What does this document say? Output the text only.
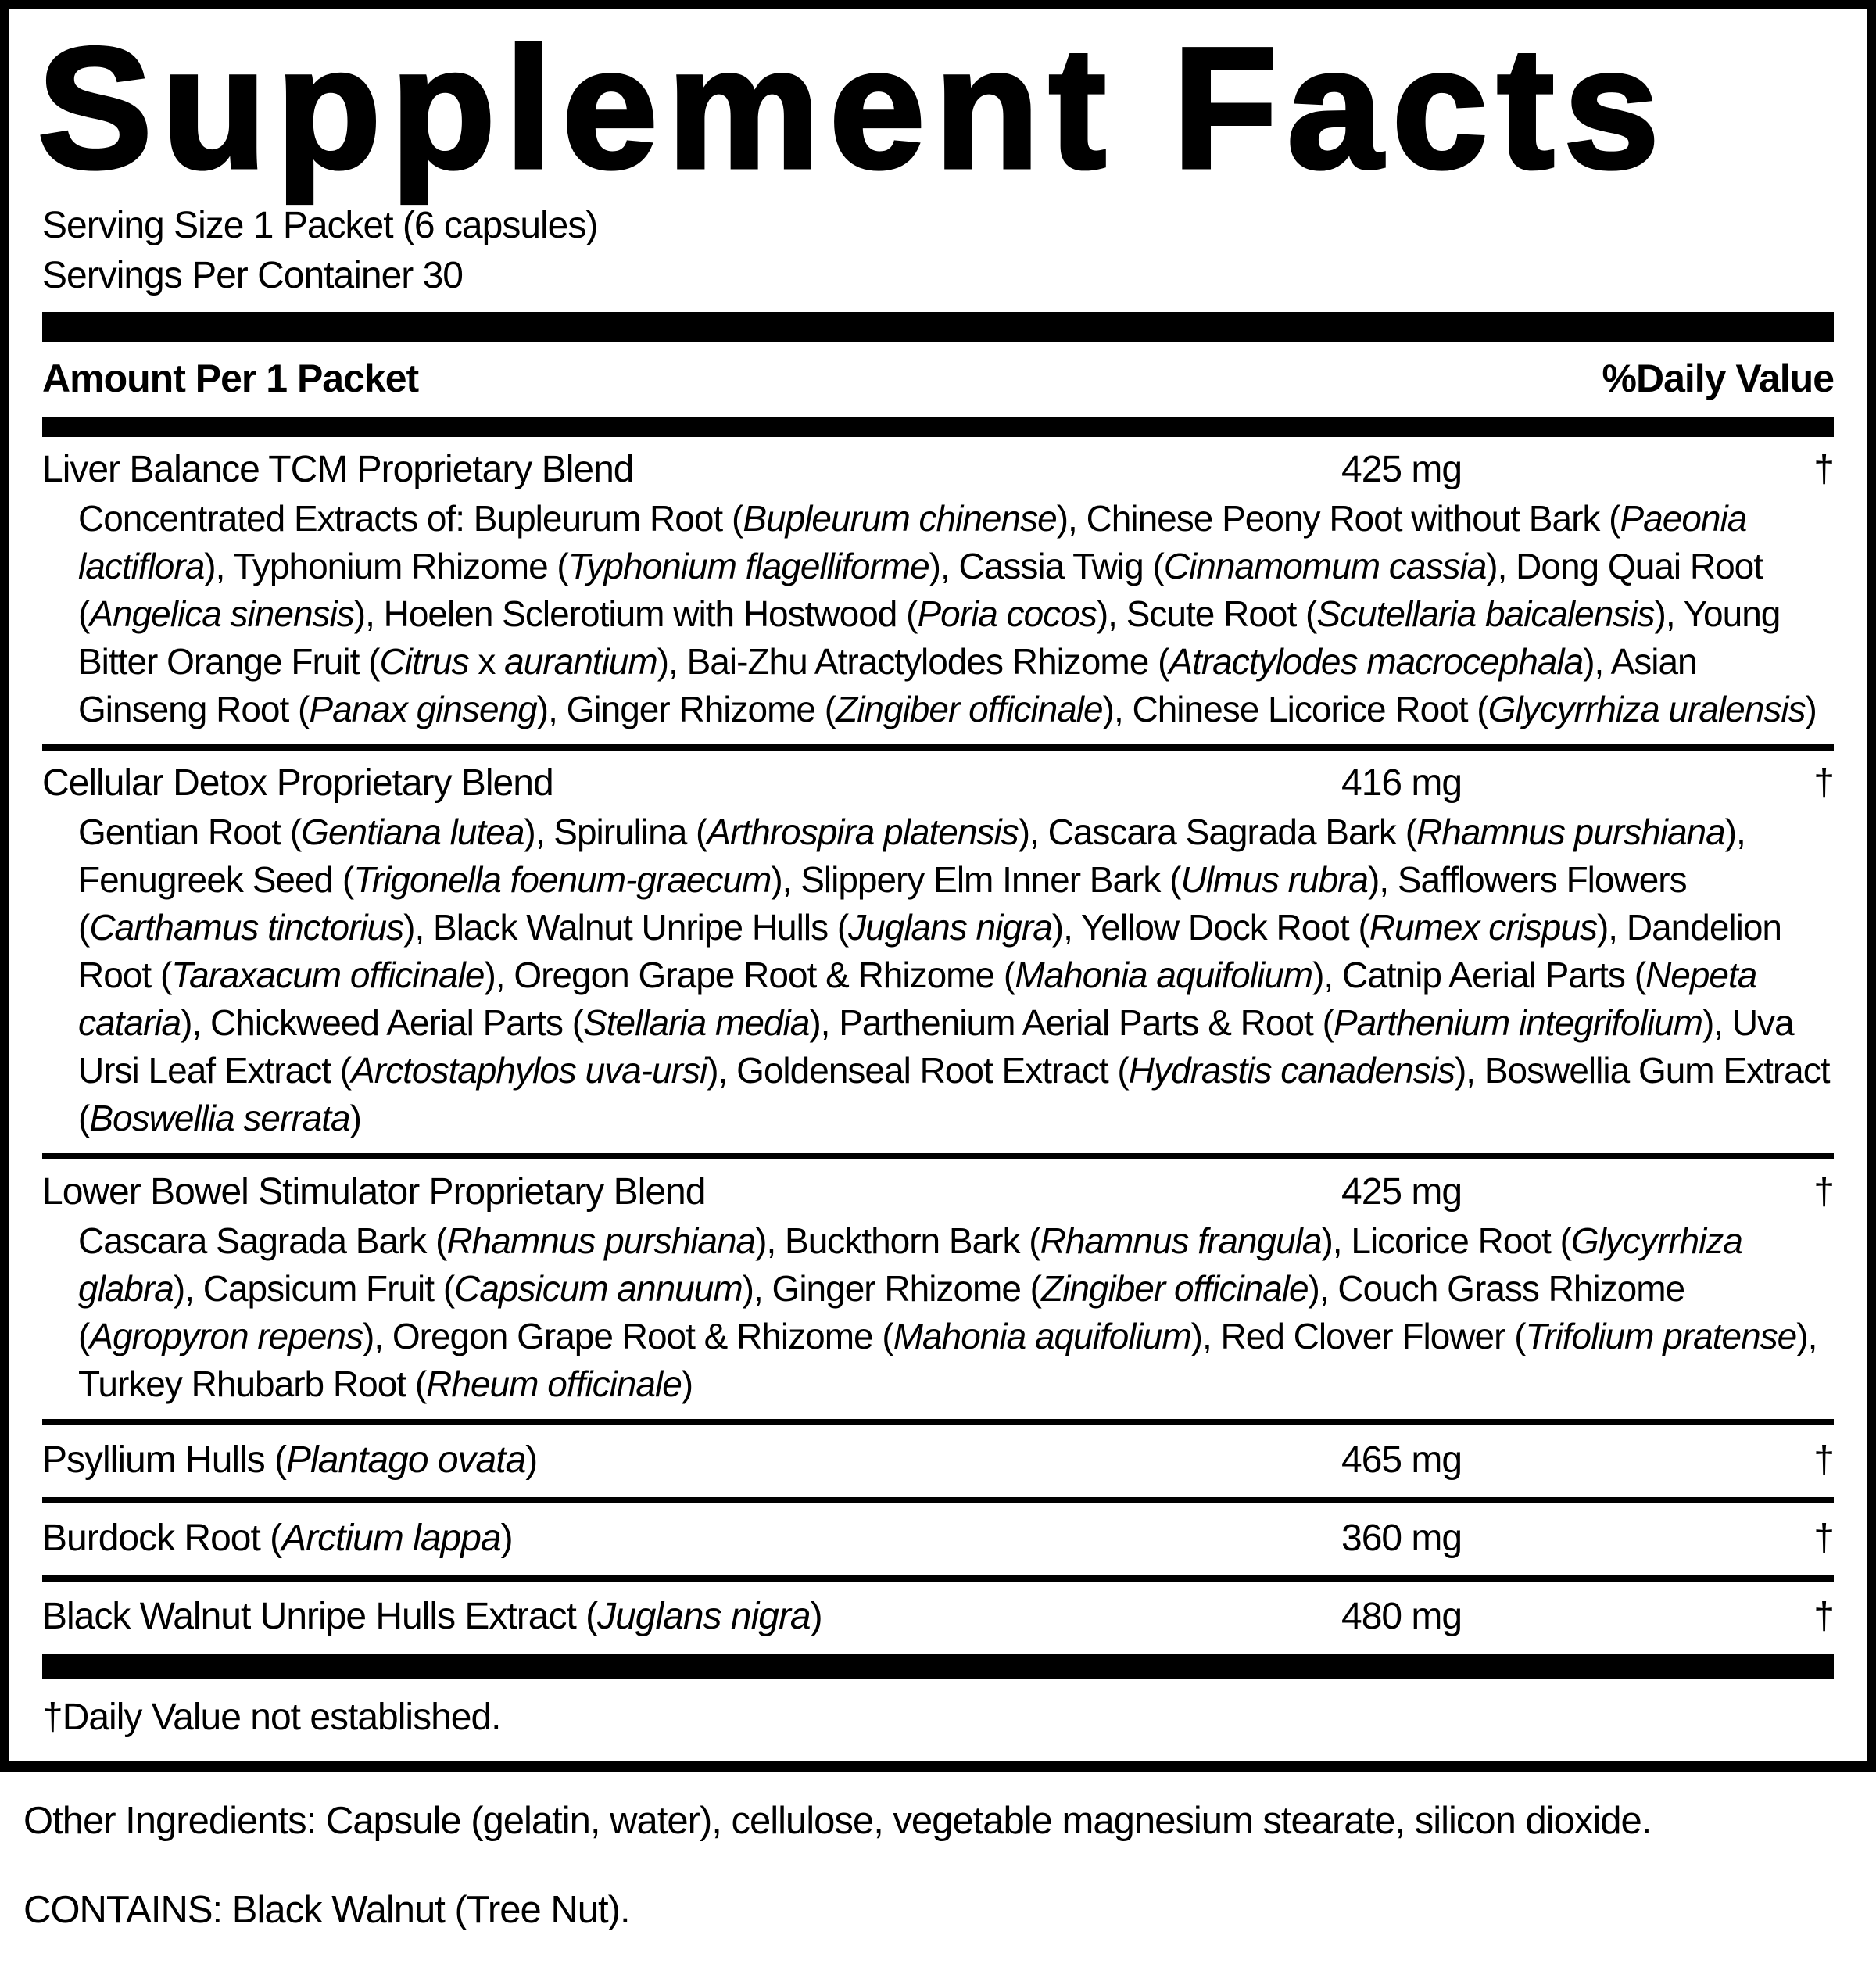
Supplement Facts
Serving Size 1 Packet (6 capsules)
Servings Per Container 30
Amount Per 1 Packet	%Daily Value
Liver Balance TCM Proprietary Blend	425 mg	†
Concentrated Extracts of: Bupleurum Root (Bupleurum chinense), Chinese Peony Root without Bark (Paeonia lactiflora), Typhonium Rhizome (Typhonium flagelliforme), Cassia Twig (Cinnamomum cassia), Dong Quai Root (Angelica sinensis), Hoelen Sclerotium with Hostwood (Poria cocos), Scute Root (Scutellaria baicalensis), Young Bitter Orange Fruit (Citrus x aurantium), Bai-Zhu Atractylodes Rhizome (Atractylodes macrocephala), Asian Ginseng Root (Panax ginseng), Ginger Rhizome (Zingiber officinale), Chinese Licorice Root (Glycyrrhiza uralensis)
Cellular Detox Proprietary Blend	416 mg	†
Gentian Root (Gentiana lutea), Spirulina (Arthrospira platensis), Cascara Sagrada Bark (Rhamnus purshiana), Fenugreek Seed (Trigonella foenum-graecum), Slippery Elm Inner Bark (Ulmus rubra), Safflowers Flowers (Carthamus tinctorius), Black Walnut Unripe Hulls (Juglans nigra), Yellow Dock Root (Rumex crispus), Dandelion Root (Taraxacum officinale), Oregon Grape Root & Rhizome (Mahonia aquifolium), Catnip Aerial Parts (Nepeta cataria), Chickweed Aerial Parts (Stellaria media), Parthenium Aerial Parts & Root (Parthenium integrifolium), Uva Ursi Leaf Extract (Arctostaphylos uva-ursi), Goldenseal Root Extract (Hydrastis canadensis), Boswellia Gum Extract (Boswellia serrata)
Lower Bowel Stimulator Proprietary Blend	425 mg	†
Cascara Sagrada Bark (Rhamnus purshiana), Buckthorn Bark (Rhamnus frangula), Licorice Root (Glycyrrhiza glabra), Capsicum Fruit (Capsicum annuum), Ginger Rhizome (Zingiber officinale), Couch Grass Rhizome (Agropyron repens), Oregon Grape Root & Rhizome (Mahonia aquifolium), Red Clover Flower (Trifolium pratense), Turkey Rhubarb Root (Rheum officinale)
Psyllium Hulls (Plantago ovata)	465 mg	†
Burdock Root (Arctium lappa)	360 mg	†
Black Walnut Unripe Hulls Extract (Juglans nigra)	480 mg	†
†Daily Value not established.
Other Ingredients: Capsule (gelatin, water), cellulose, vegetable magnesium stearate, silicon dioxide.
CONTAINS: Black Walnut (Tree Nut).
